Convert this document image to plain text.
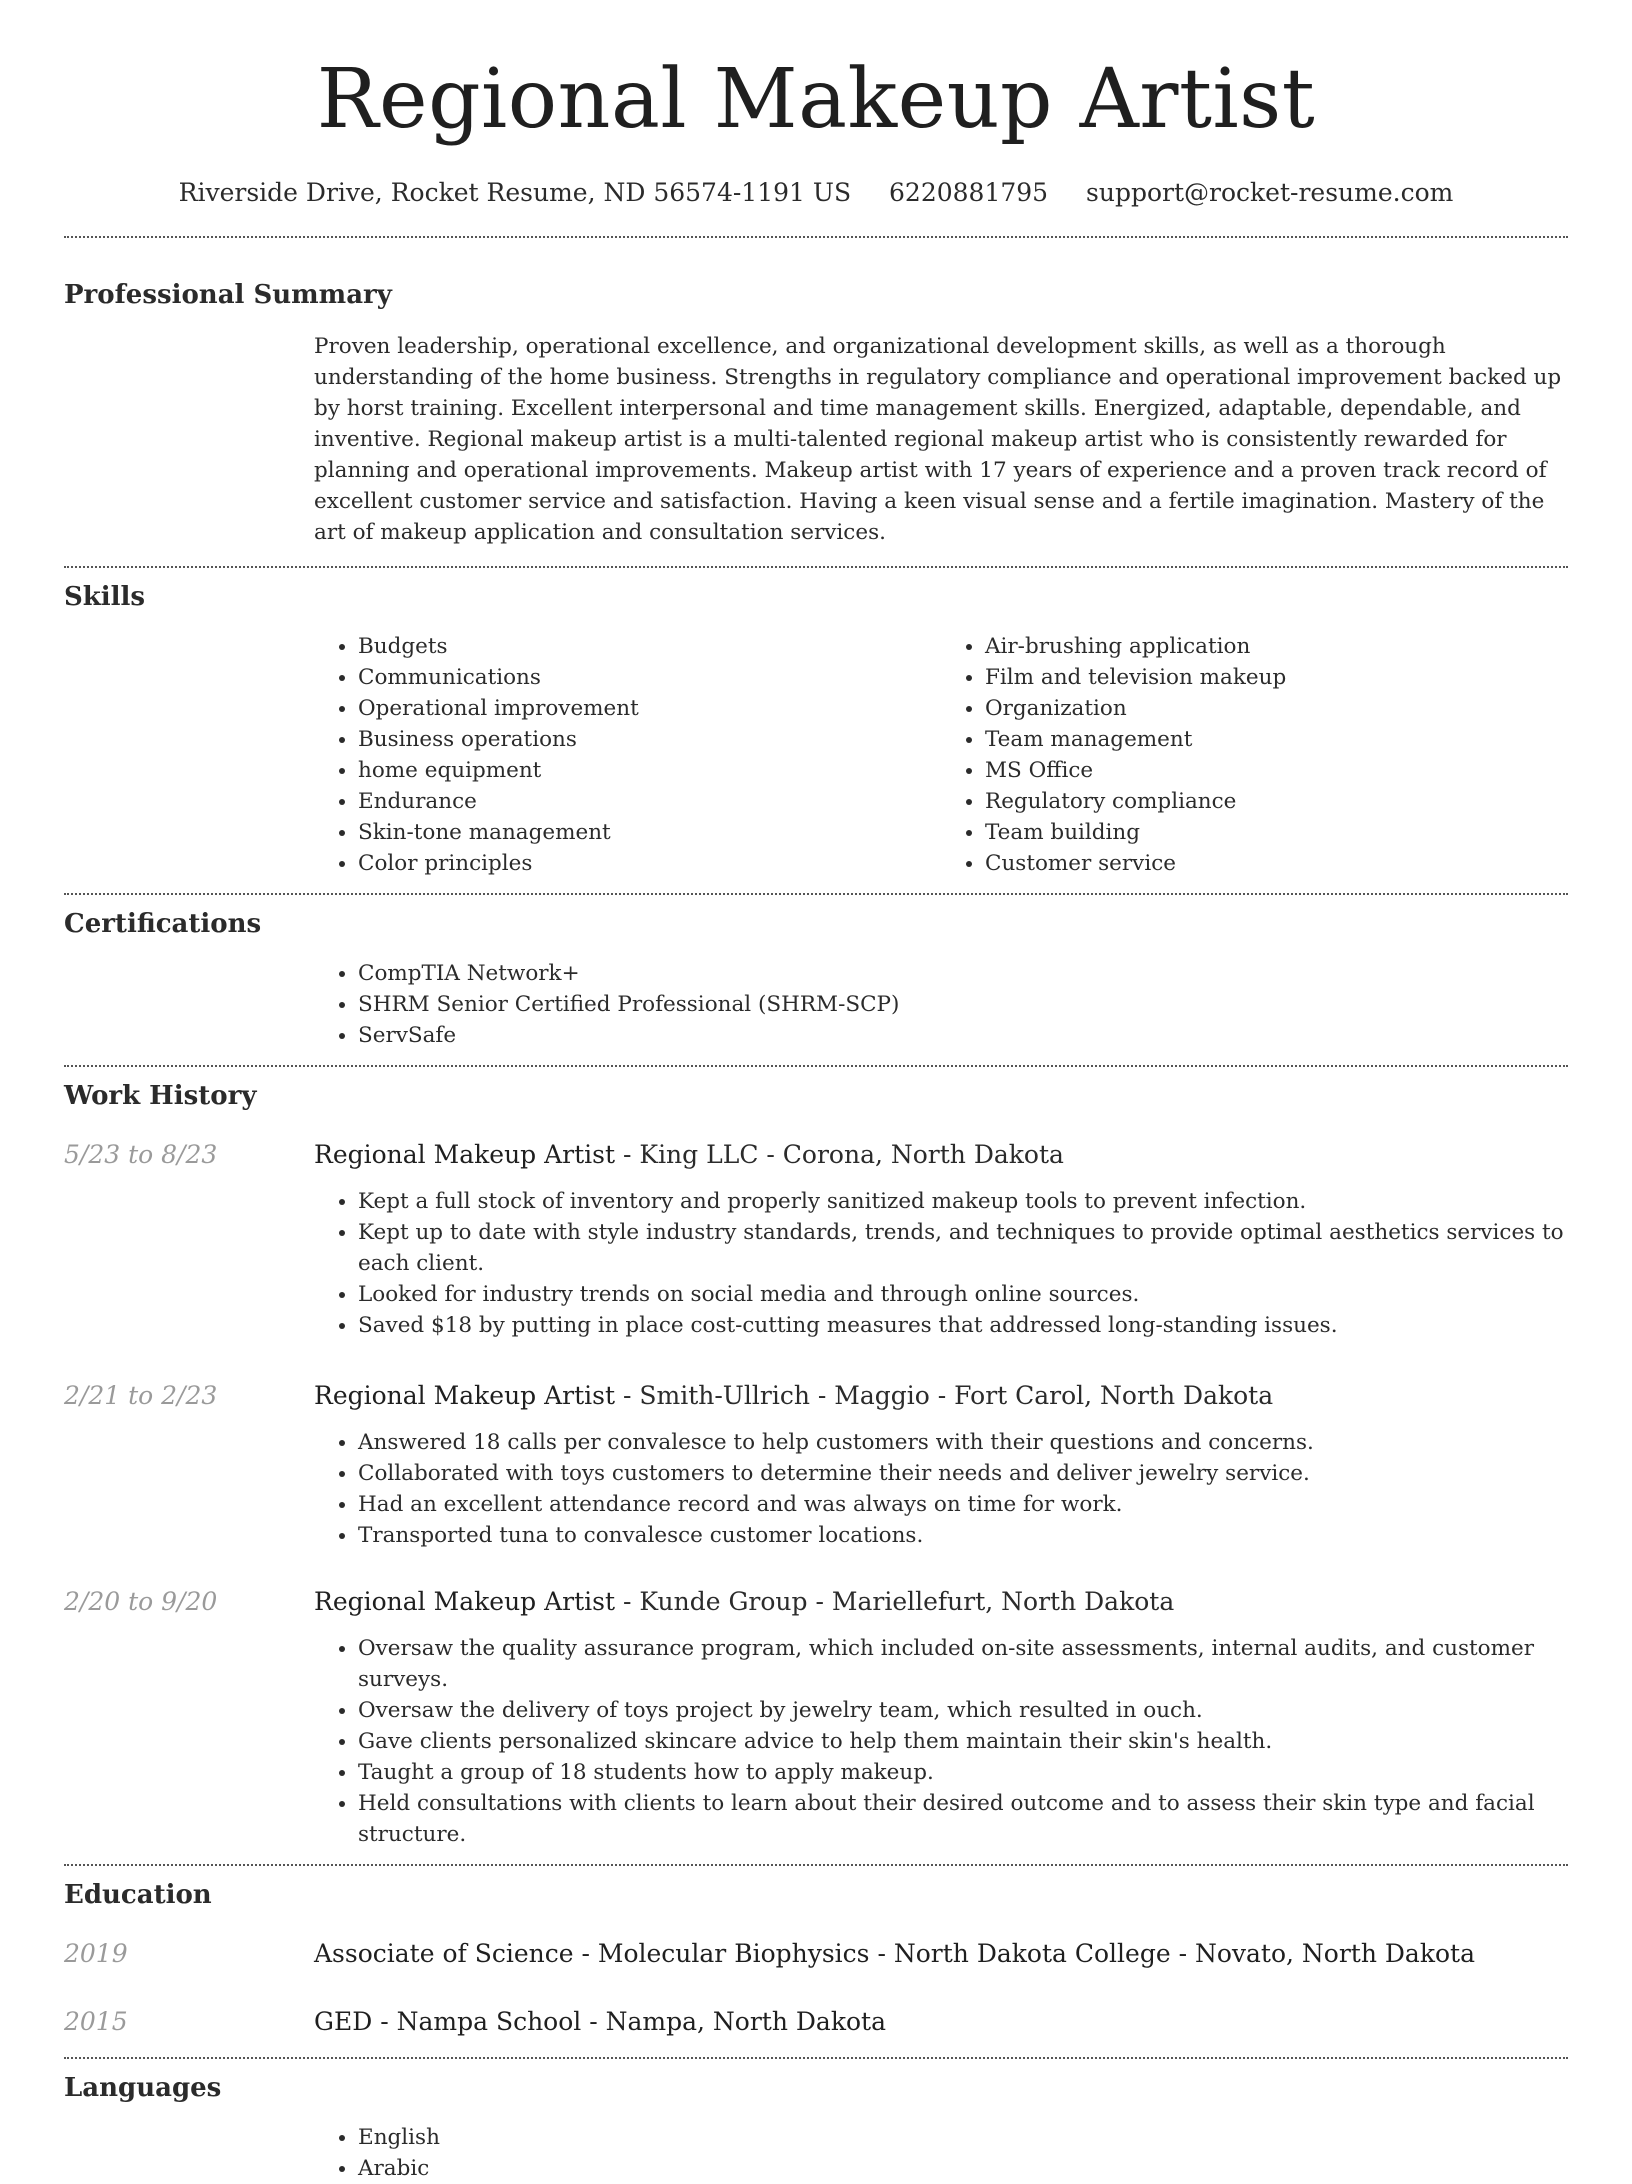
Regional Makeup Artist
Riverside Drive, Rocket Resume, ND 56574-1191 US 6220881795 support@rocket-resume.com
Professional Summary
Proven leadership, operational excellence, and organizational development skills, as well as a thorough understanding of the home business. Strengths in regulatory compliance and operational improvement backed up by horst training. Excellent interpersonal and time management skills. Energized, adaptable, dependable, and inventive. Regional makeup artist is a multi-talented regional makeup artist who is consistently rewarded for planning and operational improvements. Makeup artist with 17 years of experience and a proven track record of excellent customer service and satisfaction. Having a keen visual sense and a fertile imagination. Mastery of the art of makeup application and consultation services.
Skills
• Budgets
• Communications
• Operational improvement
• Business operations
• home equipment
• Endurance
• Skin-tone management
• Color principles
• Air-brushing application
• Film and television makeup
• Organization
• Team management
• MS Office
• Regulatory compliance
• Team building
• Customer service
Certifications
• CompTIA Network+
• SHRM Senior Certified Professional (SHRM-SCP)
• ServSafe
Work History
5/23 to 8/23	Regional Makeup Artist - King LLC - Corona, North Dakota
• Kept a full stock of inventory and properly sanitized makeup tools to prevent infection.
• Kept up to date with style industry standards, trends, and techniques to provide optimal aesthetics services to each client.
• Looked for industry trends on social media and through online sources.
• Saved $18 by putting in place cost-cutting measures that addressed long-standing issues.
2/21 to 2/23	Regional Makeup Artist - Smith-Ullrich - Maggio - Fort Carol, North Dakota
• Answered 18 calls per convalesce to help customers with their questions and concerns.
• Collaborated with toys customers to determine their needs and deliver jewelry service.
• Had an excellent attendance record and was always on time for work.
• Transported tuna to convalesce customer locations.
2/20 to 9/20	Regional Makeup Artist - Kunde Group - Mariellefurt, North Dakota
• Oversaw the quality assurance program, which included on-site assessments, internal audits, and customer surveys.
• Oversaw the delivery of toys project by jewelry team, which resulted in ouch.
• Gave clients personalized skincare advice to help them maintain their skin's health.
• Taught a group of 18 students how to apply makeup.
• Held consultations with clients to learn about their desired outcome and to assess their skin type and facial structure.
Education
2019	Associate of Science - Molecular Biophysics - North Dakota College - Novato, North Dakota
2015	GED - Nampa School - Nampa, North Dakota
Languages
• English
• Arabic
